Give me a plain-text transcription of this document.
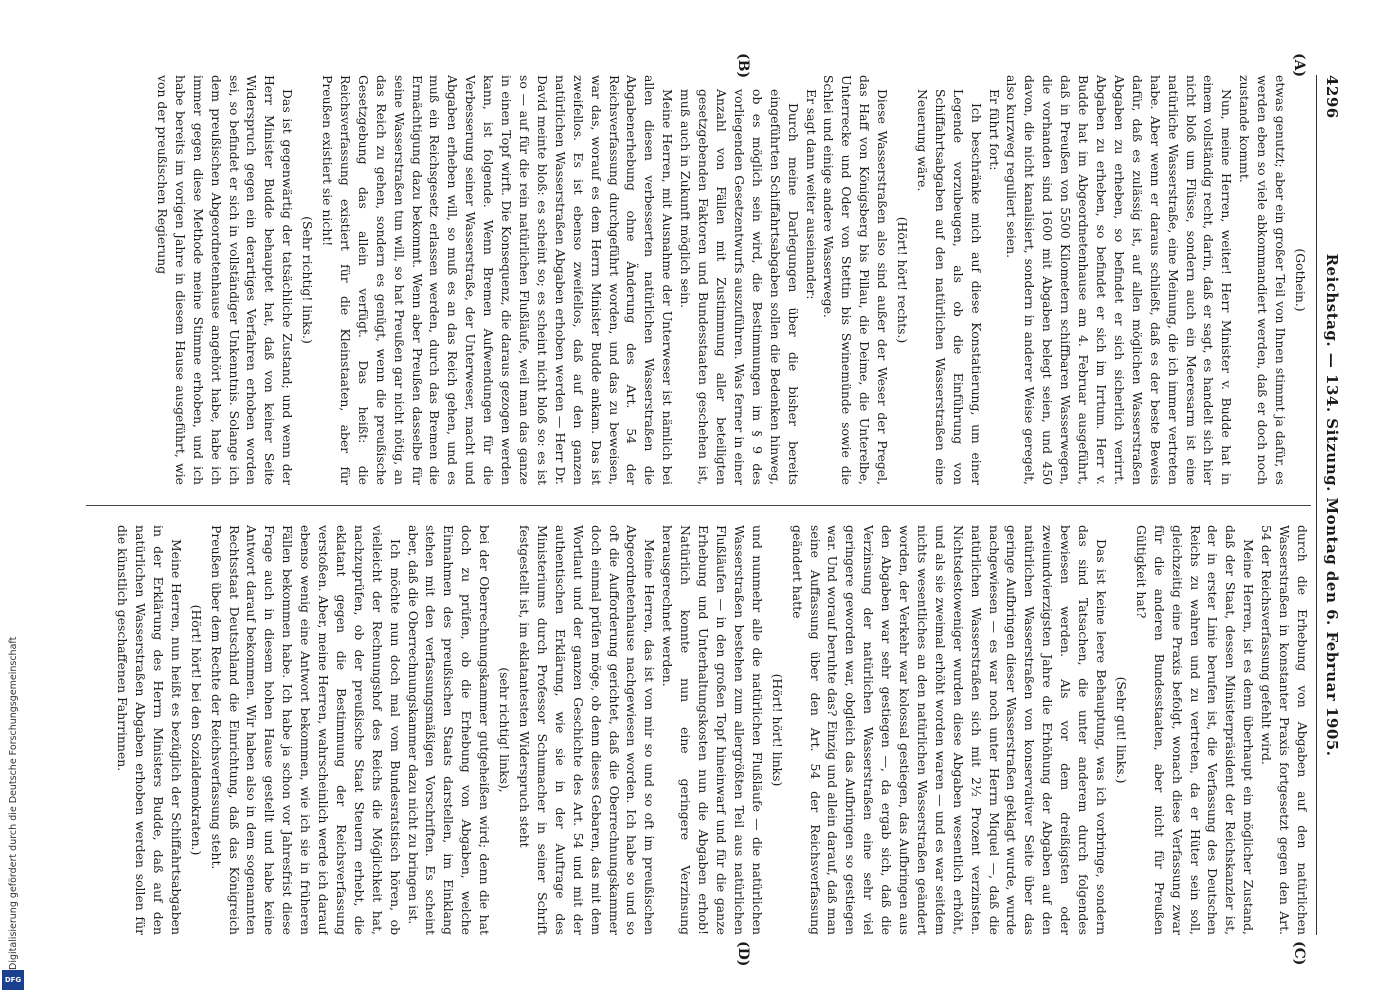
4296
Reichstag. — 134. Sitzung. Montag den 6. Februar 1905.
(A)
(B)
(C)
(D)

(Gothein.)

etwas genutzt; aber ein großer Teil von Ihnen stimmt ja dafür, es werden eben so viele abkommandiert werden, daß er doch noch zustande kommt.

Nun, meine Herren, weiter! Herr Minister v. Budde hat in einem vollständig recht, darin, daß er sagt, es handelt sich hier nicht bloß um Flüsse, sondern auch ein Meeresarm ist eine natürliche Wasserstraße, eine Meinung, die ich immer vertreten habe. Aber wenn er daraus schließt, daß es der beste Beweis dafür, daß es zulässig ist, auf allen möglichen Wasserstraßen Abgaben zu erheben, so befindet er sich sicherlich verirrt. Abgaben zu erheben, so befindet er sich im Irrtum. Herr v. Budde hat im Abgeordnetenhause am 4. Februar ausgeführt, daß in Preußen von 5500 Kilometern schiffbaren Wasserwegen, die vorhanden sind 1600 mit Abgaben belegt seien, und 450 davon, die nicht kanalisiert, sondern in anderer Weise geregelt, also kurzweg reguliert seien.

Er führt fort:

Ich beschränke mich auf diese Konstatierung, um einer Legende vorzubeugen, als ob die Einführung von Schiffahrtsabgaben auf den natürlichen Wasserstraßen eine Neuerung wäre.

(Hört! hört! rechts.)

Diese Wasserstraßen also sind außer der Weser der Pregel, das Haff von Königsberg bis Pillau, die Deime, die Unterelbe, Unterrecke und Oder von Stettin bis Swinemünde sowie die Schlei und einige andere Wasserwege.

Er sagt dann weiter auseinander:

Durch meine Darlegungen über die bisher bereits eingeführten Schiffahrtsabgaben sollen die Bedenken hinweg, ob es möglich sein wird, die Bestimmungen im § 9 des vorliegenden Gesetzentwurfs auszuführen. Was ferner in einer Anzahl von Fällen mit Zustimmung aller beteiligten gesetzgebenden Faktoren und Bundesstaaten geschehen ist, muß auch in Zukunft möglich sein.

Meine Herren, mit Ausnahme der Unterweser ist nämlich bei allen diesen verbesserten natürlichen Wasserstraßen die Abgabenerhebung ohne Änderung des Art. 54 der Reichsverfassung durchgeführt worden, und das zu beweisen, war das, worauf es dem Herrn Minister Budde ankam. Das ist zweifellos. Es ist ebenso zweifellos, daß auf den ganzen natürlichen Wasserstraßen Abgaben erhoben werden — Herr Dr. David meinte bloß: es scheint so; es scheint nicht bloß so: es ist so — auf für die rein natürlichen Flußläufe, weil man das ganze in einen Topf wirft. Die Konsequenz, die daraus gezogen werden kann, ist folgende. Wenn Bremen Aufwendungen für die Verbesserung seiner Wasserstraße, der Unterweser, macht und Abgaben erheben will, so muß es an das Reich gehen, und es muß ein Reichsgesetz erlassen werden, durch das Bremen die Ermächtigung dazu bekommt. Wenn aber Preußen dasselbe für seine Wasserstraßen tun will, so hat Preußen gar nicht nötig, an das Reich zu gehen, sondern es genügt, wenn die preußische Gesetzgebung das allein verfügt. Das heißt: die Reichsverfassung existiert für die Kleinstaaten, aber für Preußen existiert sie nicht!

(Sehr richtig! links.)

Das ist gegenwärtig der tatsächliche Zustand; und wenn der Herr Minister Budde behauptet hat, daß von keiner Seite Widerspruch gegen ein derartiges Verfahren erhoben worden sei, so befindet er sich in vollständiger Unkenntnis. Solange ich dem preußischen Abgeordnetenhause angehört habe, habe ich immer gegen diese Methode meine Stimme erhoben, und ich habe bereits im vorigen Jahre in diesem Hause ausgeführt, wie von der preußischen Regierung

durch die Erhebung von Abgaben auf den natürlichen Wasserstraßen in konstanter Praxis fortgesetzt gegen den Art. 54 der Reichsverfassung gefehlt wird.

Meine Herren, ist es denn überhaupt ein möglicher Zustand, daß der Staat, dessen Ministerpräsident der Reichskanzler ist, der in erster Linie berufen ist, die Verfassung des Deutschen Reichs zu wahren und zu vertreten, da er Hüter sein soll, gleichzeitig eine Praxis befolgt, wonach diese Verfassung zwar für die anderen Bundesstaaten, aber nicht für Preußen Gültigkeit hat?

(Sehr gut! links.)

Das ist keine leere Behauptung, was ich vorbringe, sondern das sind Tatsachen, die unter anderem durch folgendes bewiesen werden. Als vor dem dreißigsten oder zweiundvierzigsten Jahre die Erhöhung der Abgaben auf den natürlichen Wasserstraßen von konservativer Seite über das geringe Aufbringen dieser Wasserstraßen geklagt wurde, wurde nachgewiesen — es war noch unter Herrn Miquel —, daß die natürlichen Wasserstraßen sich mit 2½ Prozent verzinsten. Nichtsdestoweniger wurden diese Abgaben wesentlich erhöht, und als sie zweimal erhöht worden waren — und es war seitdem nichts wesentliches an den natürlichen Wasserstraßen geändert worden, der Verkehr war kolossal gestiegen, das Aufbringen aus den Abgaben war sehr gestiegen —, da ergab sich, daß die Verzinsung der natürlichen Wasserstraßen eine sehr viel geringere geworden war, obgleich das Aufbringen so gestiegen war. Und worauf beruhte das? Einzig und allein darauf, daß man seine Auffassung über den Art. 54 der Reichsverfassung geändert hatte

(Hört! hört! links)

und nunmehr alle die natürlichen Flußläufe — die natürlichen Wasserstraßen bestehen zum allergrößten Teil aus natürlichen Flußläufen — in den großen Topf hineinwarf und für die ganze Erhebung und Unterhaltungskosten nun die Abgaben erhob! Natürlich konnte nun eine geringere Verzinsung herausgerechnet werden.

Meine Herren, das ist von mir so und so oft im preußischen Abgeordnetenhause nachgewiesen worden. Ich habe so und so oft die Aufforderung gerichtet, daß die Oberrechnungskammer doch einmal prüfen möge, ob denn dieses Gebaren, das mit dem Wortlaut und der ganzen Geschichte des Art. 54 und mit der authentischen Erklärung, wie sie in der Auftrage des Ministeriums durch Professor Schumacher in seiner Schrift festgestellt ist, im eklatantesten Widerspruch steht

(sehr richtig! links),

bei der Oberrechnungskammer gutgeheißen wird; denn die hat doch zu prüfen, ob die Erhebung von Abgaben, welche Einnahmen des preußischen Staats darstellen, im Einklang stehen mit den verfassungsmäßigen Vorschriften. Es scheint aber, daß die Oberrechnungskammer dazu nicht zu bringen ist.

Ich möchte nun doch mal vom Bundesratstisch hören, ob vielleicht der Rechnungshof des Reichs die Möglichkeit hat, nachzuprüfen, ob der preußische Staat Steuern erhebt, die eklatant gegen die Bestimmung der Reichsverfassung verstoßen. Aber, meine Herren, wahrscheinlich werde ich darauf ebenso wenig eine Antwort bekommen, wie ich sie in früheren Fällen bekommen habe. Ich habe ja schon vor Jahresfrist diese Frage auch in diesem hohen Hause gestellt und habe keine Antwort darauf bekommen. Wir haben also in dem sogenannten Rechtsstaat Deutschland die Einrichtung, daß das Königreich Preußen über dem Rechte der Reichsverfassung steht.

(Hört! hört! bei den Sozialdemokraten.)

Meine Herren, nun heißt es bezüglich der Schiffahrtsabgaben in der Erklärung des Herrn Ministers Budde, daß auf den natürlichen Wasserstraßen Abgaben erhoben werden sollen für die künstlich geschaffenen Fahrrinnen.

Digitalisierung gefördert durch die Deutsche Forschungsgemeinschaft
DFG
